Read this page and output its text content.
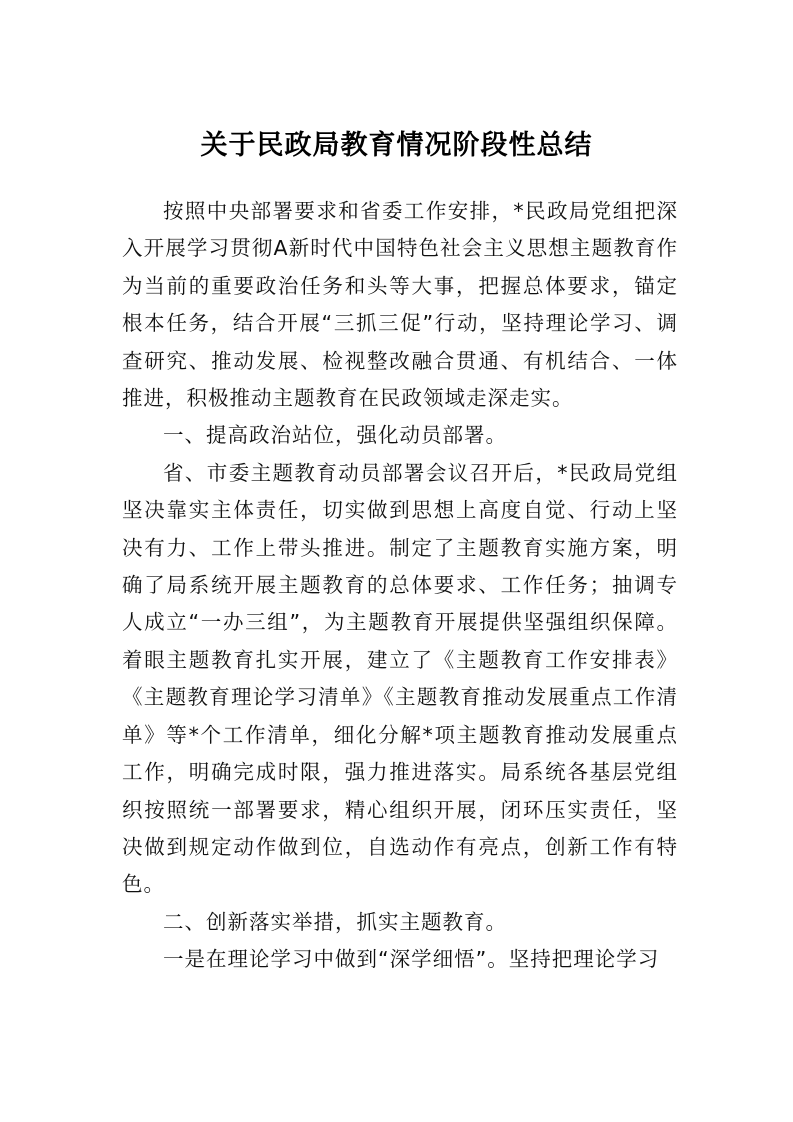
关于民政局教育情况阶段性总结

按照中央部署要求和省委工作安排，*民政局党组把深入开展学习贯彻A新时代中国特色社会主义思想主题教育作为当前的重要政治任务和头等大事，把握总体要求，锚定根本任务，结合开展“三抓三促”行动，坚持理论学习、调查研究、推动发展、检视整改融合贯通、有机结合、一体推进，积极推动主题教育在民政领域走深走实。

一、提高政治站位，强化动员部署。

省、市委主题教育动员部署会议召开后，*民政局党组坚决靠实主体责任，切实做到思想上高度自觉、行动上坚决有力、工作上带头推进。制定了主题教育实施方案，明确了局系统开展主题教育的总体要求、工作任务；抽调专人成立“一办三组”，为主题教育开展提供坚强组织保障。着眼主题教育扎实开展，建立了《主题教育工作安排表》《主题教育理论学习清单》《主题教育推动发展重点工作清单》等*个工作清单，细化分解*项主题教育推动发展重点工作，明确完成时限，强力推进落实。局系统各基层党组织按照统一部署要求，精心组织开展，闭环压实责任，坚决做到规定动作做到位，自选动作有亮点，创新工作有特色。

二、创新落实举措，抓实主题教育。

一是在理论学习中做到“深学细悟”。坚持把理论学习
